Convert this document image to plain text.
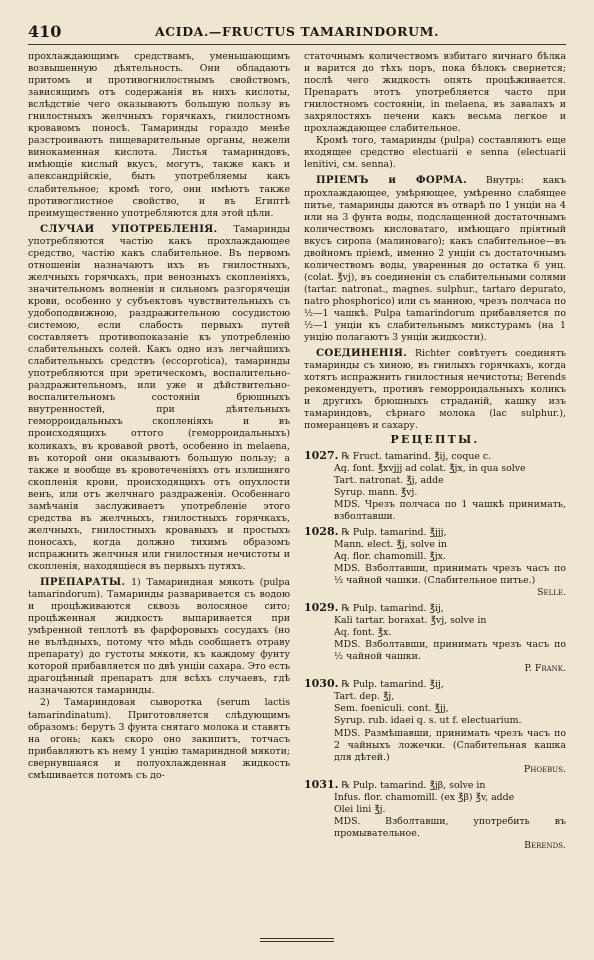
410	ACIDA.—FRUCTUS TAMARINDORUM.

прохлаждающимъ средствамъ, уменьшающимъ возвышенную дѣятельность. Они обладаютъ притомъ и противогнилостнымъ свойствомъ, зависящимъ отъ содержанія въ нихъ кислоты, вслѣдствіе чего оказываютъ большую пользу въ гнилостныхъ желчныхъ горячкахъ, гнилостномъ кровавомъ поносѣ. Тамаринды гораздо менѣе разстроиваютъ пищеварительные органы, нежели винокаменная кислота. Листья тамариндовъ, имѣющіе кислый вкусъ, могутъ, также какъ и александрійскіе, быть употребляемы какъ слабительное; кромѣ того, они имѣютъ также противоглистное свойство, и въ Египтѣ преимущественно употребляются для этой цѣли.

СЛУЧАИ УПОТРЕБЛЕНІЯ. Тамаринды употребляются частію какъ прохлаждающее средство, частію какъ слабительное. Въ первомъ отношеніи назначаютъ ихъ въ гнилостныхъ, желчныхъ горячкахъ, при венозныхъ скопленіяхъ, значительномъ волненіи и сильномъ разгорячеціи крови, особенно у субъектовъ чувствительныхъ съ удобоподвижною, раздражительною сосудистою системою, если слабость первыхъ путей составляетъ противопоказаніе къ употребленію слабительныхъ солей. Какъ одно изъ легчайшихъ слабительныхъ средствъ (eccoproticа), тамаринды употребляются при эретическомъ, воспалительно-раздражительномъ, или уже и дѣйствительно-воспалительномъ состояніи брюшныхъ внутренностей, при дѣятельныхъ геморроидальныхъ скопленіяхъ и въ происходящихъ оттого (геморроидальныхъ) коликахъ, въ кровавой рвотѣ, особенно in melaena, въ которой они оказываютъ большую пользу; а также и вообще въ кровотеченіяхъ отъ излишняго скопленія крови, происходящихъ отъ опухлости венъ, или отъ желчнаго раздраженія. Особеннаго замѣчанія заслуживаетъ употребленіе этого средства въ желчныхъ, гнилостныхъ горячкахъ, желчныхъ, гнилостныхъ кровавыхъ и простыхъ поносахъ, когда должно тихимъ образомъ испражнить желчныя или гнилостныя нечистоты и скопленія, находящіеся въ первыхъ путяхъ.

ПРЕПАРАТЫ. 1) Тамариндная мякоть (pulpa tamarindorum). Тамаринды разваривается съ водою и процѣживаются сквозь волосяное сито; процѣженная жидкость выпаривается при умѣренной теплотѣ въ фарфоровыхъ сосудахъ (но не вълѣдныхъ, потому что мѣдь сообщаетъ отраву препарату) до густоты мякоти, къ каждому фунту которой прибавляется по двѣ унціи сахара. Это есть драгоцѣнный препаратъ для всѣхъ случаевъ, гдѣ назначаются тамаринды.

2) Тамариндовая сыворотка (serum lactis tamarindinatum). Приготовляется слѣдующимъ образомъ: берутъ 3 фунта снятаго молока и ставятъ на огонь; какъ скоро оно закипитъ, тотчасъ прибавляютъ къ нему 1 унцію тамариндной мякоти; свернувшаяся и полуохлажденная жидкость смѣшивается потомъ съ до-

статочнымъ количествомъ взбитаго яичнаго бѣлка и варится до тѣхъ поръ, пока бѣлокъ свернется; послѣ чего жидкость опять процѣживается. Препаратъ этотъ употребляется часто при гнилостномъ состояніи, in melaena, въ завалахъ и захрялостяхъ печени какъ весьма легкое и прохлаждающее слабительное.

Кромѣ того, тамаринды (pulpa) составляютъ еще входящее средство electuarii e senna (electuarii lenitivi, см. senna).

ПРІЕМЪ и ФОРМА. Внутрь: какъ прохлаждающее, умѣряющее, умѣренно слабящее питье, тамаринды даются въ отварѣ по 1 унціи на 4 или на 3 фунта воды, подслащенной достаточнымъ количествомъ кисловатаго, имѣющаго пріятный вкусъ сиропа (малиноваго); какъ слабительное—въ двойномъ пріемѣ, именно 2 унціи съ достаточнымъ количествомъ воды, уваренныя до остатка 6 унц. (colat. ℥vj), въ соединеніи съ слабительными солями (tartar. natronat., magnes. sulphur., tartaro depurato, natro phosphorico) или съ манною, чрезъ полчаса по ½—1 чашкѣ. Pulpa tamarindorum прибавляется по ½—1 унціи къ слабительнымъ микстурамъ (на 1 унцію полагаютъ 3 унціи жидкости).

СОЕДИНЕНІЯ. Richter совѣтуетъ соединять тамаринды съ хиною, въ гнилыхъ горячкахъ, когда хотятъ испражнить гнилостныя нечистоты; Berends рекомендуетъ, противъ геморроидальныхъ коликъ и другихъ брюшныхъ страданій, кашку изъ тамариндовъ, сѣрнаго молока (lac sulphur.), померанцевъ и сахару.

РЕЦЕПТЫ.

1027. ℞ Fruct. tamarind. ℥ij, coque c.

Aq. font. ℥xvjjj ad colat. ℥jx, in qua solve

Tart. natronat. ℥j, adde

Syrup. mann. ℥vj.

MDS. Чрезъ полчаса по 1 чашкѣ принимать, взболтавши.

1028. ℞ Pulp. tamarind. ℥jjj,

Mann. elect. ℥j, solve in

Aq. flor. chamomill. ℥jx.

MDS. Взболтавши, принимать чрезъ часъ по ½ чайной чашки. (Слабительное питье.)

Selle.

1029. ℞ Pulp. tamarind. ℥ij,

Kali tartar. boraxat. ℥vj, solve in

Aq. font. ℥x.

MDS. Взболтавши, принимать чрезъ часъ по ½ чайной чашки.

P. Frank.

1030. ℞ Pulp. tamarind. ℥ij,

Tart. dep. ℥j,

Sem. foeniculi. cont. ℥jj,

Syrup. rub. idaei q. s. ut f. electuarium.

MDS. Размѣшавши, принимать чрезъ часъ по 2 чайныхъ ложечки. (Слабительная кашка для дѣтей.)

Phoebus.

1031. ℞ Pulp. tamarind. ℥jβ, solve in

Infus. flor. chamomill. (ex ℥β) ℥v, adde

Olei lini ℥j.

MDS. Взболтавши, употребить въ промывательное.

Berends.
